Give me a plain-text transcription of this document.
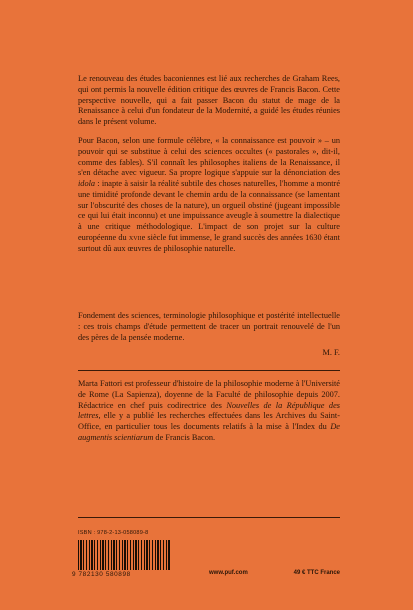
Le renouveau des études baconiennes est lié aux recherches de Graham Rees, qui ont permis la nouvelle édition critique des œuvres de Francis Bacon. Cette perspective nouvelle, qui a fait passer Bacon du statut de mage de la Renaissance à celui d'un fondateur de la Modernité, a guidé les études réunies dans le présent volume.

Pour Bacon, selon une formule célèbre, « la connaissance est pouvoir » – un pouvoir qui se substitue à celui des sciences occultes (« pastorales », dit-il, comme des fables). S'il connaît les philosophes italiens de la Renaissance, il s'en détache avec vigueur. Sa propre logique s'appuie sur la dénonciation des idola : inapte à saisir la réalité subtile des choses naturelles, l'homme a montré une timidité profonde devant le chemin ardu de la connaissance (se lamentant sur l'obscurité des choses de la nature), un orgueil obstiné (jugeant impossible ce qui lui était inconnu) et une impuissance aveugle à soumettre la dialectique à une critique méthodologique. L'impact de son projet sur la culture européenne du xviie siècle fut immense, le grand succès des années 1630 étant surtout dû aux œuvres de philosophie naturelle.

Fondement des sciences, terminologie philosophique et postérité intellectuelle : ces trois champs d'étude permettent de tracer un portrait renouvelé de l'un des pères de la pensée moderne.

M. F.

Marta Fattori est professeur d'histoire de la philosophie moderne à l'Université de Rome (La Sapienza), doyenne de la Faculté de philosophie depuis 2007. Rédactrice en chef puis codirectrice des Nouvelles de la République des lettres, elle y a publié les recherches effectuées dans les Archives du Saint-Office, en particulier tous les documents relatifs à la mise à l'Index du De augmentis scientiarum de Francis Bacon.

ISBN : 978-2-13-058089-8
9 782130 580898	www.puf.com	49 € TTC France
